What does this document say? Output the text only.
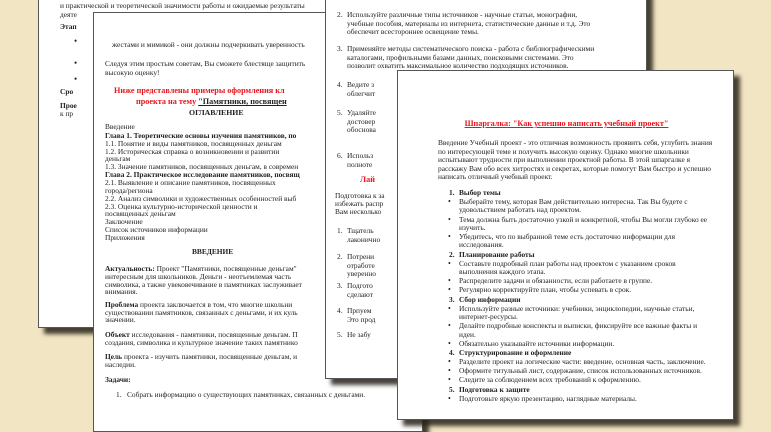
и практической и теоретической значимости работы и ожидаемые результаты
деяте
Этап
•
•
•
Сро
Прое
к пр
жестами и мимикой - они должны подчеркивать уверенность
Следуя этим простым советам, Вы сможете блестяще защитить
высокую оценку!
Ниже представлены примеры оформления кл
проекта на тему "Памятники, посвящен
ОГЛАВЛЕНИЕ
Введение
Глава 1. Теоретические основы изучения памятников, по
1.1. Понятие и виды памятников, посвященных деньгам
1.2. Историческая справка о возникновении и развитии
деньгам
1.3. Значение памятников, посвященных деньгам, в современ
Глава 2. Практическое исследование памятников, посвящ
2.1. Выявление и описание памятников, посвященных
города/региона
2.2. Анализ символики и художественных особенностей выб
2.3. Оценка культурно-исторической ценности и
посвященных деньгам
Заключение
Список источников информации
Приложения
ВВЕДЕНИЕ
Актуальность: Проект "Памятники, посвященные деньгам"
интересным для школьников. Деньги - неотъемлемая часть
символика, а также увековечивание в памятниках заслуживает
внимания.
Проблема проекта заключается в том, что многие школьни
существовании памятников, связанных с деньгами, и их куль
значении.
Объект исследования - памятники, посвященные деньгам. П
создания, символика и культурное значение таких памятнико
Цель проекта - изучить памятники, посвященные деньгам, и
наследии.
Задачи:
1. Собрать информацию о существующих памятниках, связанных с деньгами.
2. Используйте различные типы источников - научные статьи, монографии,
учебные пособия, материалы из интернета, статистические данные и т.д. Это
обеспечит всестороннее освещение темы.
3. Применяйте методы систематического поиска - работа с библиографическими
каталогами, профильными базами данных, поисковыми системами. Это
позволит охватить максимальное количество подходящих источников.
4. Ведите з
облегчит
5. Удаляйте
достовер
обоснова
6. Использ
полноте
Лай
Подготовка к за
избежать распр
Вам несколько
1. Тщатель
лаконично
2. Потрени
отработе
уверенно
3. Подгото
сделают
4. Прпуем
Это прод
5. Не забу
Шпаргалка: "Как успешно написать учебный проект"
Введение Учебный проект - это отличная возможность проявить себя, углубить знания
по интересующей теме и получить высокую оценку. Однако многие школьники
испытывают трудности при выполнении проектной работы. В этой шпаргалке я
расскажу Вам обо всех хитростях и секретах, которые помогут Вам быстро и успешно
написать отличный учебный проект.
1. Выбор темы
• Выберайте тему, которая Вам действительно интересна. Так Вы будете с
удовольствием работать над проектом.
• Тема должна быть достаточно узкой и конкретной, чтобы Вы могли глубоко ее
изучить.
• Убедитесь, что по выбранной теме есть достаточно информации для
исследования.
2. Планирование работы
• Составьте подробный план работы над проектом с указанием сроков
выполнения каждого этапа.
• Распределите задачи и обязанности, если работаете в группе.
• Регулярно корректируйте план, чтобы успевать в срок.
3. Сбор информации
• Используйте разные источники: учебники, энциклопедии, научные статьи,
интернет-ресурсы.
• Делайте подробные конспекты и выписки, фиксируйте все важные факты и
идеи.
• Обязательно указывайте источники информации.
4. Структурирование и оформление
• Разделите проект на логические части: введение, основная часть, заключение.
• Оформите титульный лист, содержание, список использованных источников.
• Следите за соблюдением всех требований к оформлению.
5. Подготовка к защите
• Подготовьте яркую презентацию, наглядные материалы.
